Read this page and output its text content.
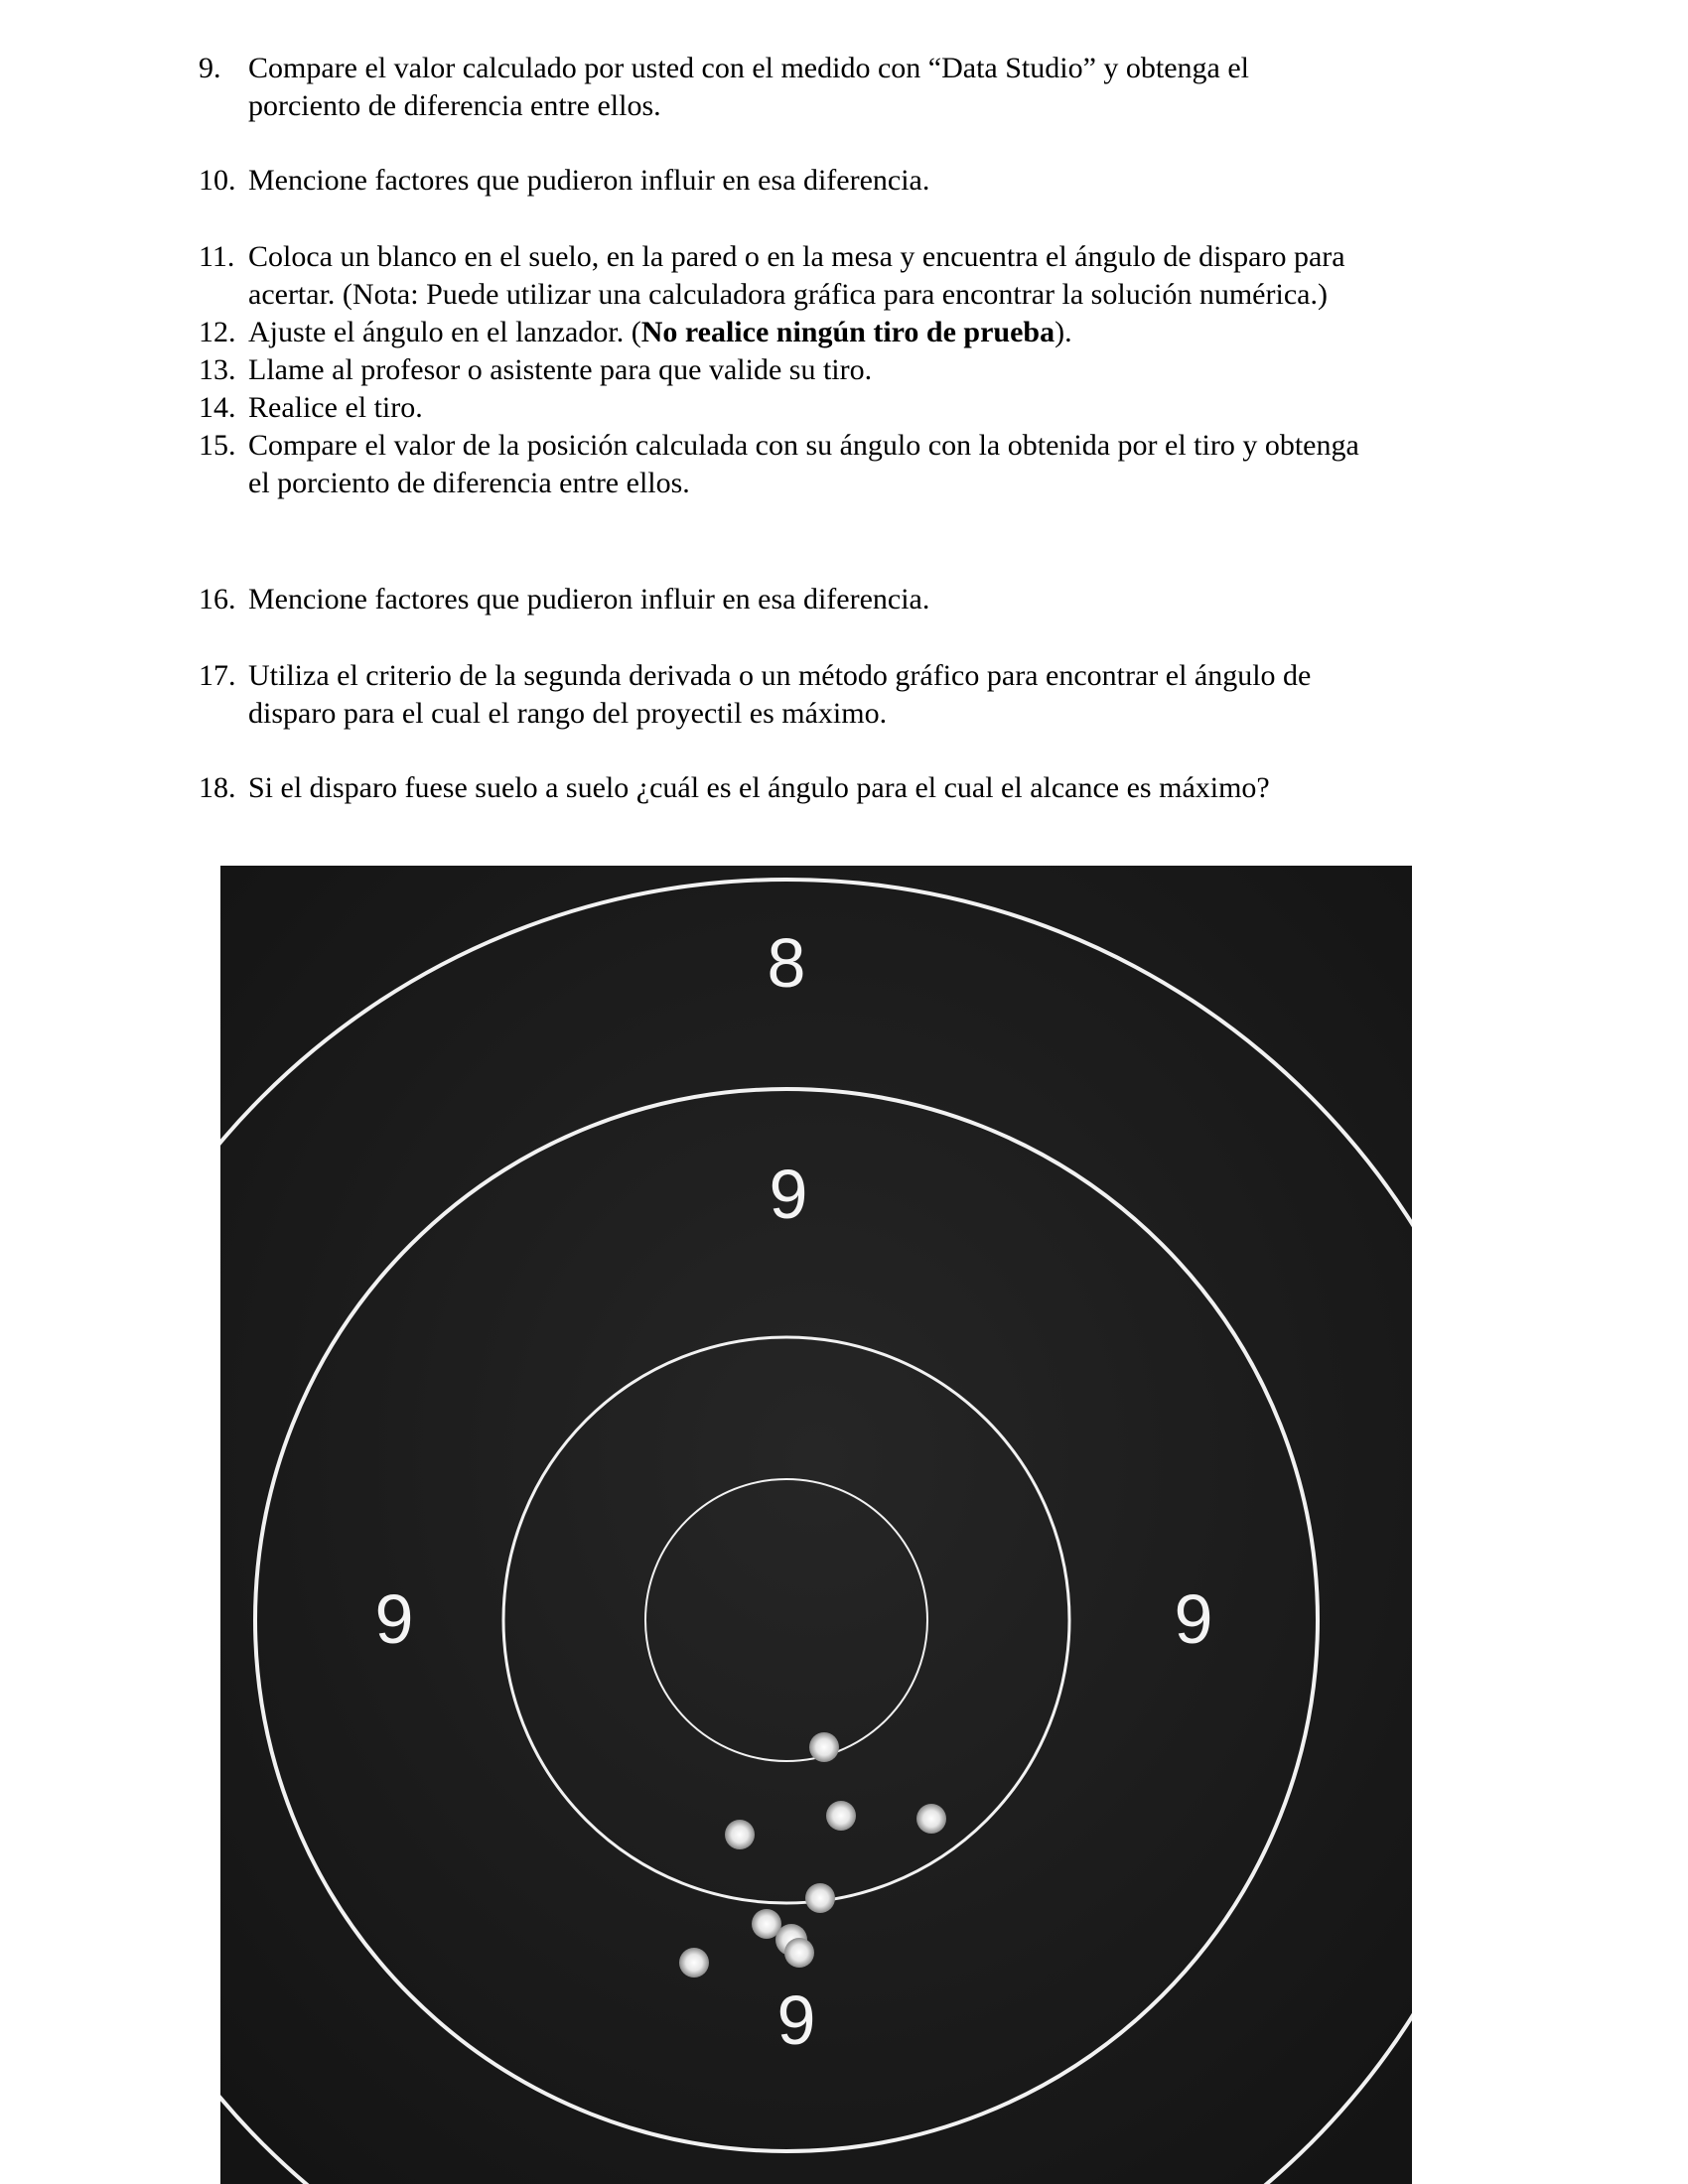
9. Compare el valor calculado por usted con el medido con “Data Studio” y obtenga el
porciento de diferencia entre ellos.
10. Mencione factores que pudieron influir en esa diferencia.
11. Coloca un blanco en el suelo, en la pared o en la mesa y encuentra el ángulo de disparo para
acertar. (Nota: Puede utilizar una calculadora gráfica para encontrar la solución numérica.)
12. Ajuste el ángulo en el lanzador. (No realice ningún tiro de prueba).
13. Llame al profesor o asistente para que valide su tiro.
14. Realice el tiro.
15. Compare el valor de la posición calculada con su ángulo con la obtenida por el tiro y obtenga
el porciento de diferencia entre ellos.
16. Mencione factores que pudieron influir en esa diferencia.
17. Utiliza el criterio de la segunda derivada o un método gráfico para encontrar el ángulo de
disparo para el cual el rango del proyectil es máximo.
18. Si el disparo fuese suelo a suelo ¿cuál es el ángulo para el cual el alcance es máximo?
8
9
9	9
9
